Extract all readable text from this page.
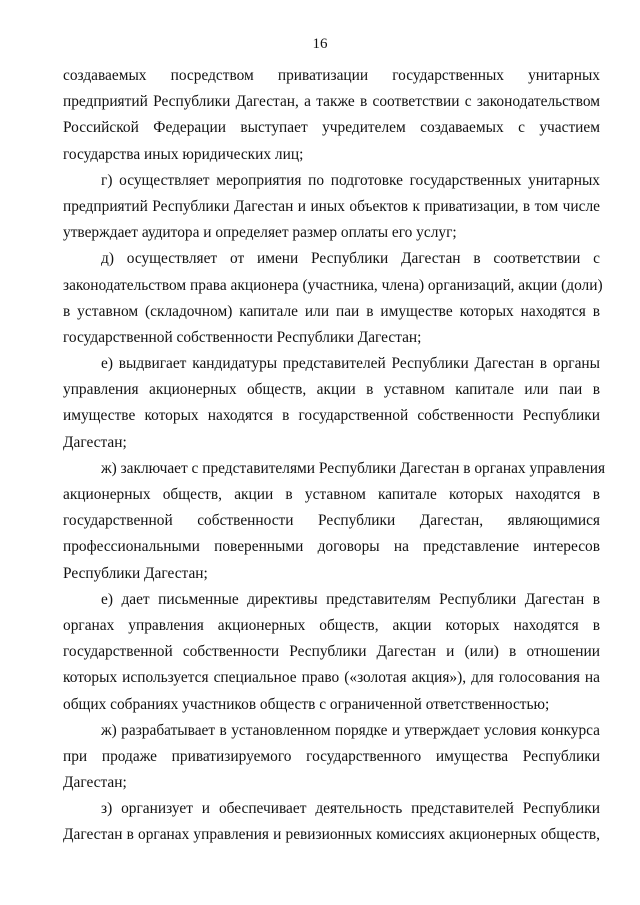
16
создаваемых посредством приватизации государственных унитарных
предприятий Республики Дагестан, а также в соответствии с законодательством
Российской Федерации выступает учредителем создаваемых с участием
государства иных юридических лиц;
г) осуществляет мероприятия по подготовке государственных унитарных
предприятий Республики Дагестан и иных объектов к приватизации, в том числе
утверждает аудитора и определяет размер оплаты его услуг;
д) осуществляет от имени Республики Дагестан в соответствии с
законодательством права акционера (участника, члена) организаций, акции (доли)
в уставном (складочном) капитале или паи в имуществе которых находятся в
государственной собственности Республики Дагестан;
е) выдвигает кандидатуры представителей Республики Дагестан в органы
управления акционерных обществ, акции в уставном капитале или паи в
имуществе которых находятся в государственной собственности Республики
Дагестан;
ж) заключает с представителями Республики Дагестан в органах управления
акционерных обществ, акции в уставном капитале которых находятся в
государственной собственности Республики Дагестан, являющимися
профессиональными поверенными договоры на представление интересов
Республики Дагестан;
е) дает письменные директивы представителям Республики Дагестан в
органах управления акционерных обществ, акции которых находятся в
государственной собственности Республики Дагестан и (или) в отношении
которых используется специальное право («золотая акция»), для голосования на
общих собраниях участников обществ с ограниченной ответственностью;
ж) разрабатывает в установленном порядке и утверждает условия конкурса
при продаже приватизируемого государственного имущества Республики
Дагестан;
з) организует и обеспечивает деятельность представителей Республики
Дагестан в органах управления и ревизионных комиссиях акционерных обществ,
